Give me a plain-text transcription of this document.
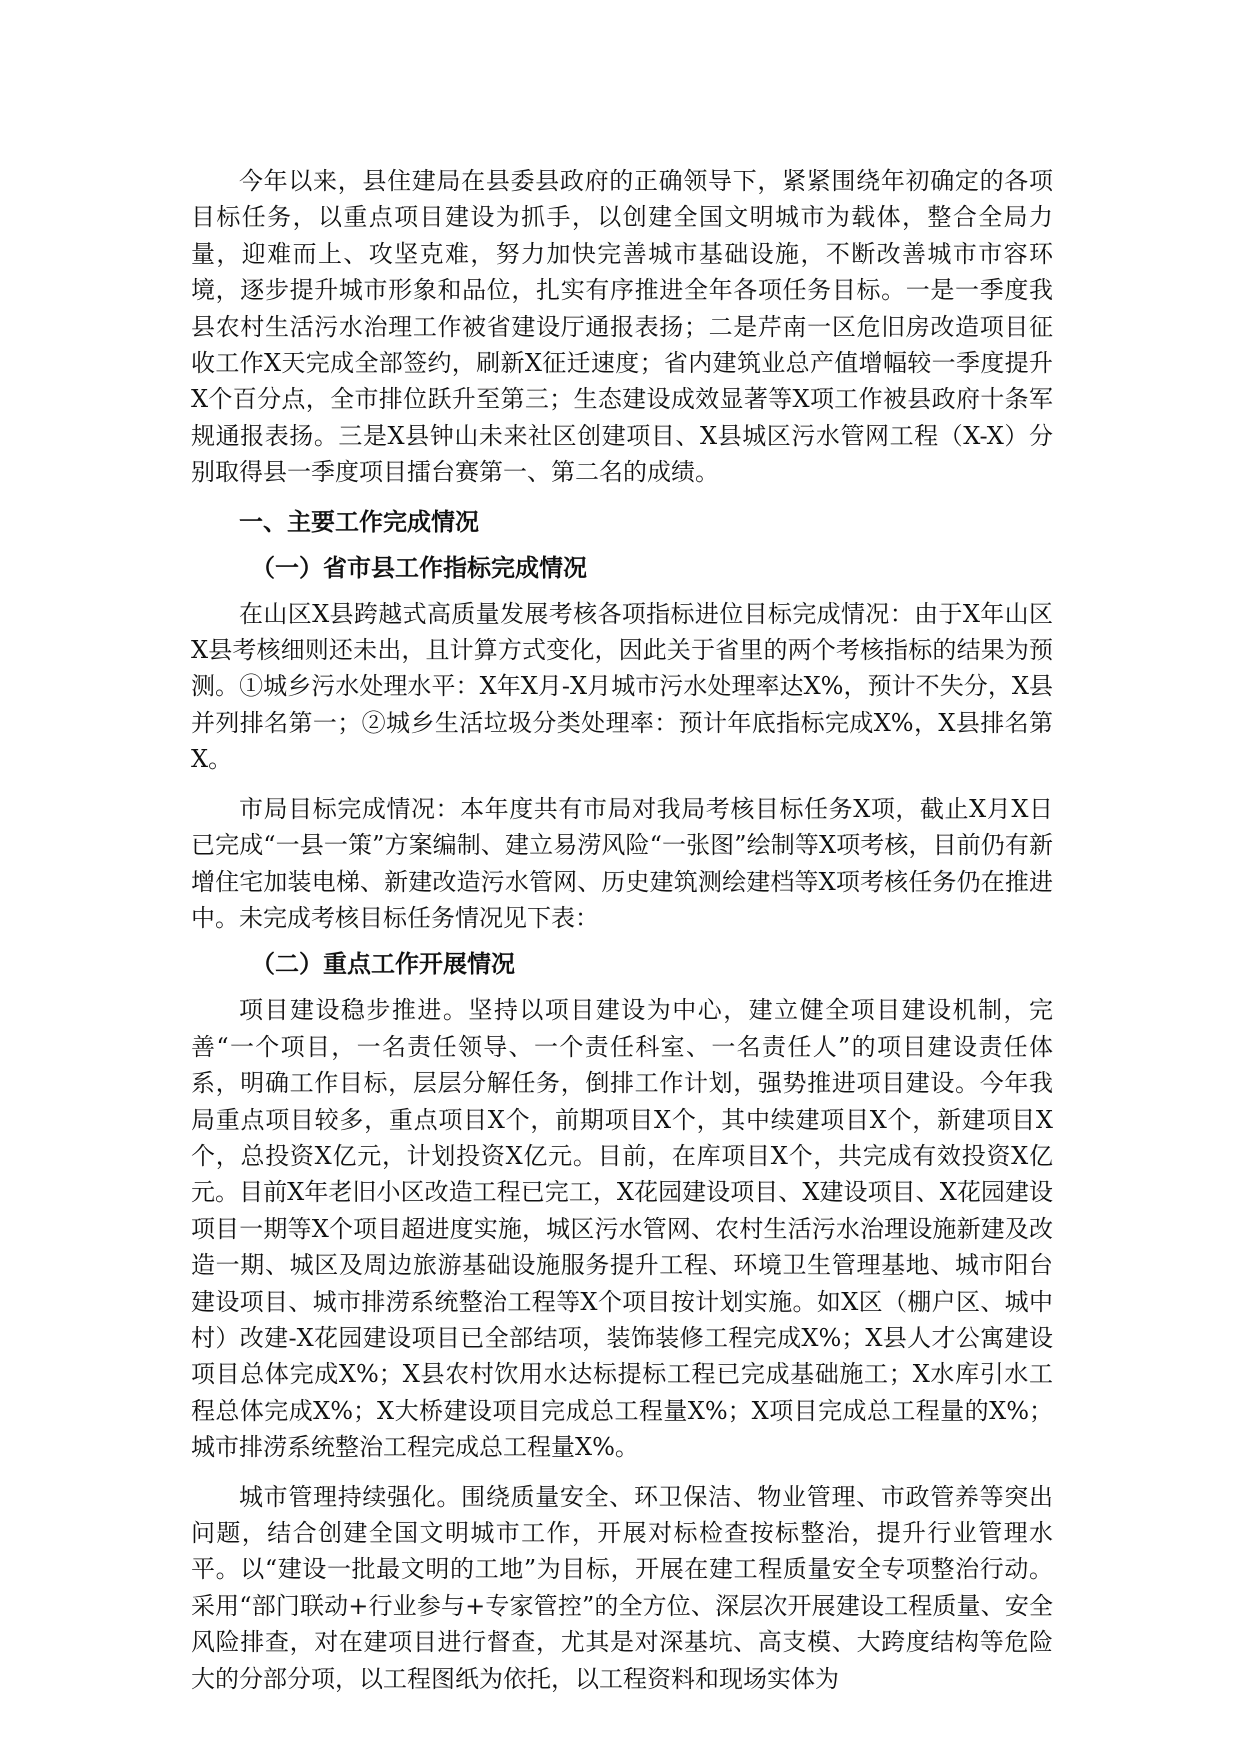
今年以来，县住建局在县委县政府的正确领导下，紧紧围绕年初确定的各项目标任务，以重点项目建设为抓手，以创建全国文明城市为载体，整合全局力量，迎难而上、攻坚克难，努力加快完善城市基础设施，不断改善城市市容环境，逐步提升城市形象和品位，扎实有序推进全年各项任务目标。一是一季度我县农村生活污水治理工作被省建设厅通报表扬；二是芹南一区危旧房改造项目征收工作X天完成全部签约，刷新X征迁速度；省内建筑业总产值增幅较一季度提升X个百分点，全市排位跃升至第三；生态建设成效显著等X项工作被县政府十条军规通报表扬。三是X县钟山未来社区创建项目、X县城区污水管网工程（X-X）分别取得县一季度项目擂台赛第一、第二名的成绩。

一、主要工作完成情况

（一）省市县工作指标完成情况

在山区X县跨越式高质量发展考核各项指标进位目标完成情况：由于X年山区X县考核细则还未出，且计算方式变化，因此关于省里的两个考核指标的结果为预测。①城乡污水处理水平：X年X月-X月城市污水处理率达X%，预计不失分，X县并列排名第一；②城乡生活垃圾分类处理率：预计年底指标完成X%，X县排名第X。

市局目标完成情况：本年度共有市局对我局考核目标任务X项，截止X月X日已完成“一县一策”方案编制、建立易涝风险“一张图”绘制等X项考核，目前仍有新增住宅加装电梯、新建改造污水管网、历史建筑测绘建档等X项考核任务仍在推进中。未完成考核目标任务情况见下表：

（二）重点工作开展情况

项目建设稳步推进。坚持以项目建设为中心，建立健全项目建设机制，完善“一个项目，一名责任领导、一个责任科室、一名责任人”的项目建设责任体系，明确工作目标，层层分解任务，倒排工作计划，强势推进项目建设。今年我局重点项目较多，重点项目X个，前期项目X个，其中续建项目X个，新建项目X个，总投资X亿元，计划投资X亿元。目前，在库项目X个，共完成有效投资X亿元。目前X年老旧小区改造工程已完工，X花园建设项目、X建设项目、X花园建设项目一期等X个项目超进度实施，城区污水管网、农村生活污水治理设施新建及改造一期、城区及周边旅游基础设施服务提升工程、环境卫生管理基地、城市阳台建设项目、城市排涝系统整治工程等X个项目按计划实施。如X区（棚户区、城中村）改建-X花园建设项目已全部结项，装饰装修工程完成X%；X县人才公寓建设项目总体完成X%；X县农村饮用水达标提标工程已完成基础施工；X水库引水工程总体完成X%；X大桥建设项目完成总工程量X%；X项目完成总工程量的X%；城市排涝系统整治工程完成总工程量X%。

城市管理持续强化。围绕质量安全、环卫保洁、物业管理、市政管养等突出问题，结合创建全国文明城市工作，开展对标检查按标整治，提升行业管理水平。以“建设一批最文明的工地”为目标，开展在建工程质量安全专项整治行动。采用“部门联动+行业参与+专家管控”的全方位、深层次开展建设工程质量、安全风险排查，对在建项目进行督查，尤其是对深基坑、高支模、大跨度结构等危险大的分部分项，以工程图纸为依托，以工程资料和现场实体为
